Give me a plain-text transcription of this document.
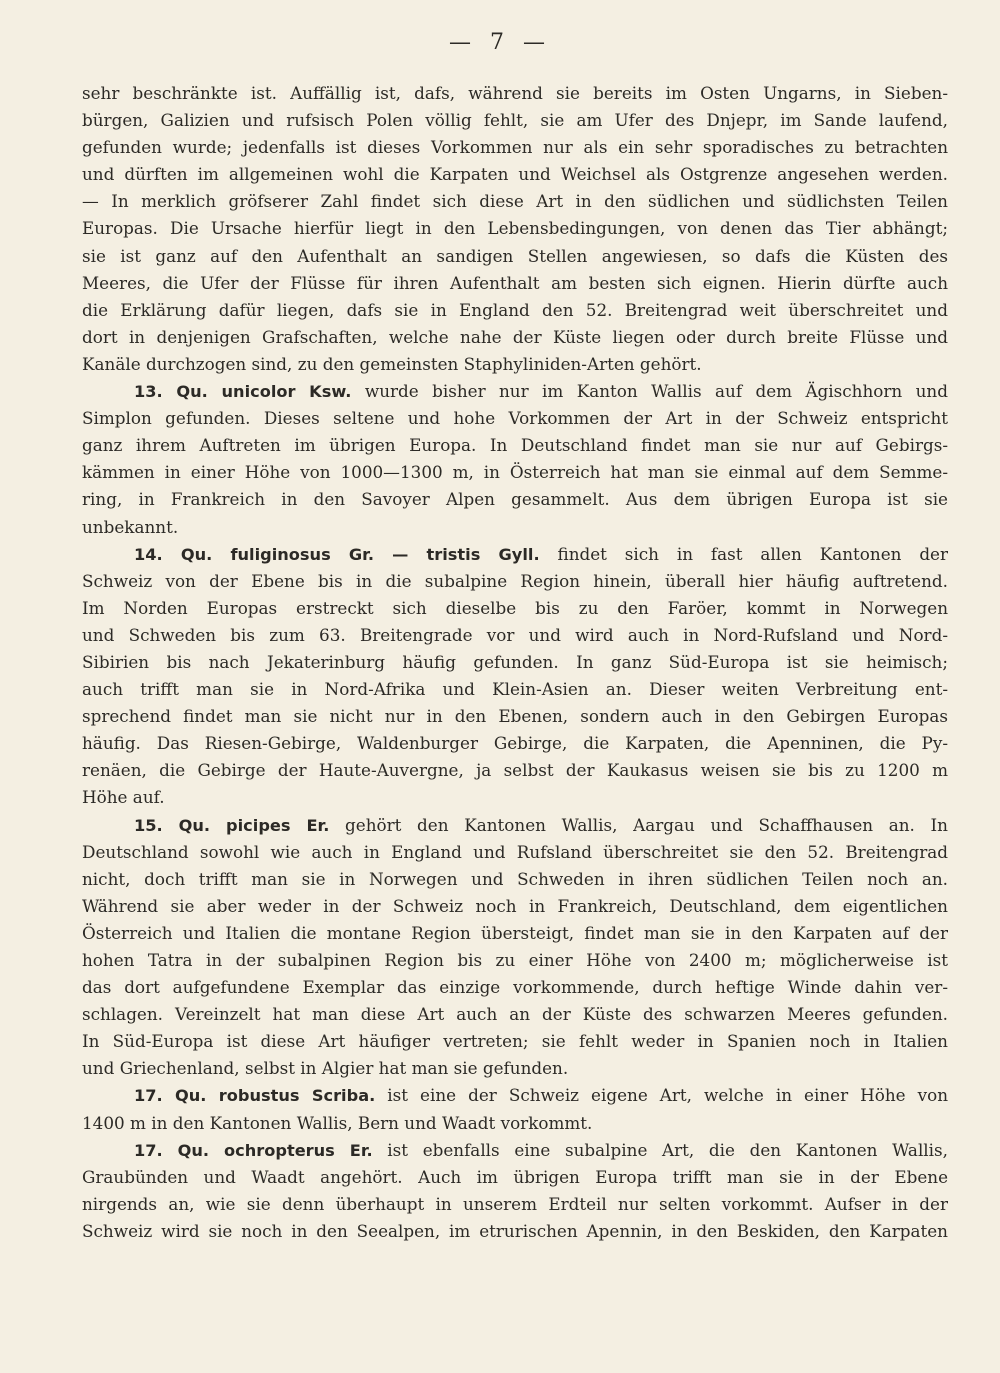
— 7 —
sehr beschränkte ist. Auffällig ist, dafs, während sie bereits im Osten Ungarns, in Sieben-
bürgen, Galizien und rufsisch Polen völlig fehlt, sie am Ufer des Dnjepr, im Sande laufend,
gefunden wurde; jedenfalls ist dieses Vorkommen nur als ein sehr sporadisches zu betrachten
und dürften im allgemeinen wohl die Karpaten und Weichsel als Ostgrenze angesehen werden.
— In merklich gröfserer Zahl findet sich diese Art in den südlichen und südlichsten Teilen
Europas. Die Ursache hierfür liegt in den Lebensbedingungen, von denen das Tier abhängt;
sie ist ganz auf den Aufenthalt an sandigen Stellen angewiesen, so dafs die Küsten des
Meeres, die Ufer der Flüsse für ihren Aufenthalt am besten sich eignen. Hierin dürfte auch
die Erklärung dafür liegen, dafs sie in England den 52. Breitengrad weit überschreitet und
dort in denjenigen Grafschaften, welche nahe der Küste liegen oder durch breite Flüsse und
Kanäle durchzogen sind, zu den gemeinsten Staphyliniden-Arten gehört.
13. Qu. unicolor Ksw. wurde bisher nur im Kanton Wallis auf dem Ägischhorn und
Simplon gefunden. Dieses seltene und hohe Vorkommen der Art in der Schweiz entspricht
ganz ihrem Auftreten im übrigen Europa. In Deutschland findet man sie nur auf Gebirgs-
kämmen in einer Höhe von 1000—1300 m, in Österreich hat man sie einmal auf dem Semme-
ring, in Frankreich in den Savoyer Alpen gesammelt. Aus dem übrigen Europa ist sie
unbekannt.
14. Qu. fuliginosus Gr. — tristis Gyll. findet sich in fast allen Kantonen der
Schweiz von der Ebene bis in die subalpine Region hinein, überall hier häufig auftretend.
Im Norden Europas erstreckt sich dieselbe bis zu den Faröer, kommt in Norwegen
und Schweden bis zum 63. Breitengrade vor und wird auch in Nord-Rufsland und Nord-
Sibirien bis nach Jekaterinburg häufig gefunden. In ganz Süd-Europa ist sie heimisch;
auch trifft man sie in Nord-Afrika und Klein-Asien an. Dieser weiten Verbreitung ent-
sprechend findet man sie nicht nur in den Ebenen, sondern auch in den Gebirgen Europas
häufig. Das Riesen-Gebirge, Waldenburger Gebirge, die Karpaten, die Apenninen, die Py-
renäen, die Gebirge der Haute-Auvergne, ja selbst der Kaukasus weisen sie bis zu 1200 m
Höhe auf.
15. Qu. picipes Er. gehört den Kantonen Wallis, Aargau und Schaffhausen an. In
Deutschland sowohl wie auch in England und Rufsland überschreitet sie den 52. Breitengrad
nicht, doch trifft man sie in Norwegen und Schweden in ihren südlichen Teilen noch an.
Während sie aber weder in der Schweiz noch in Frankreich, Deutschland, dem eigentlichen
Österreich und Italien die montane Region übersteigt, findet man sie in den Karpaten auf der
hohen Tatra in der subalpinen Region bis zu einer Höhe von 2400 m; möglicherweise ist
das dort aufgefundene Exemplar das einzige vorkommende, durch heftige Winde dahin ver-
schlagen. Vereinzelt hat man diese Art auch an der Küste des schwarzen Meeres gefunden.
In Süd-Europa ist diese Art häufiger vertreten; sie fehlt weder in Spanien noch in Italien
und Griechenland, selbst in Algier hat man sie gefunden.
17. Qu. robustus Scriba. ist eine der Schweiz eigene Art, welche in einer Höhe von
1400 m in den Kantonen Wallis, Bern und Waadt vorkommt.
17. Qu. ochropterus Er. ist ebenfalls eine subalpine Art, die den Kantonen Wallis,
Graubünden und Waadt angehört. Auch im übrigen Europa trifft man sie in der Ebene
nirgends an, wie sie denn überhaupt in unserem Erdteil nur selten vorkommt. Aufser in der
Schweiz wird sie noch in den Seealpen, im etrurischen Apennin, in den Beskiden, den Karpaten
